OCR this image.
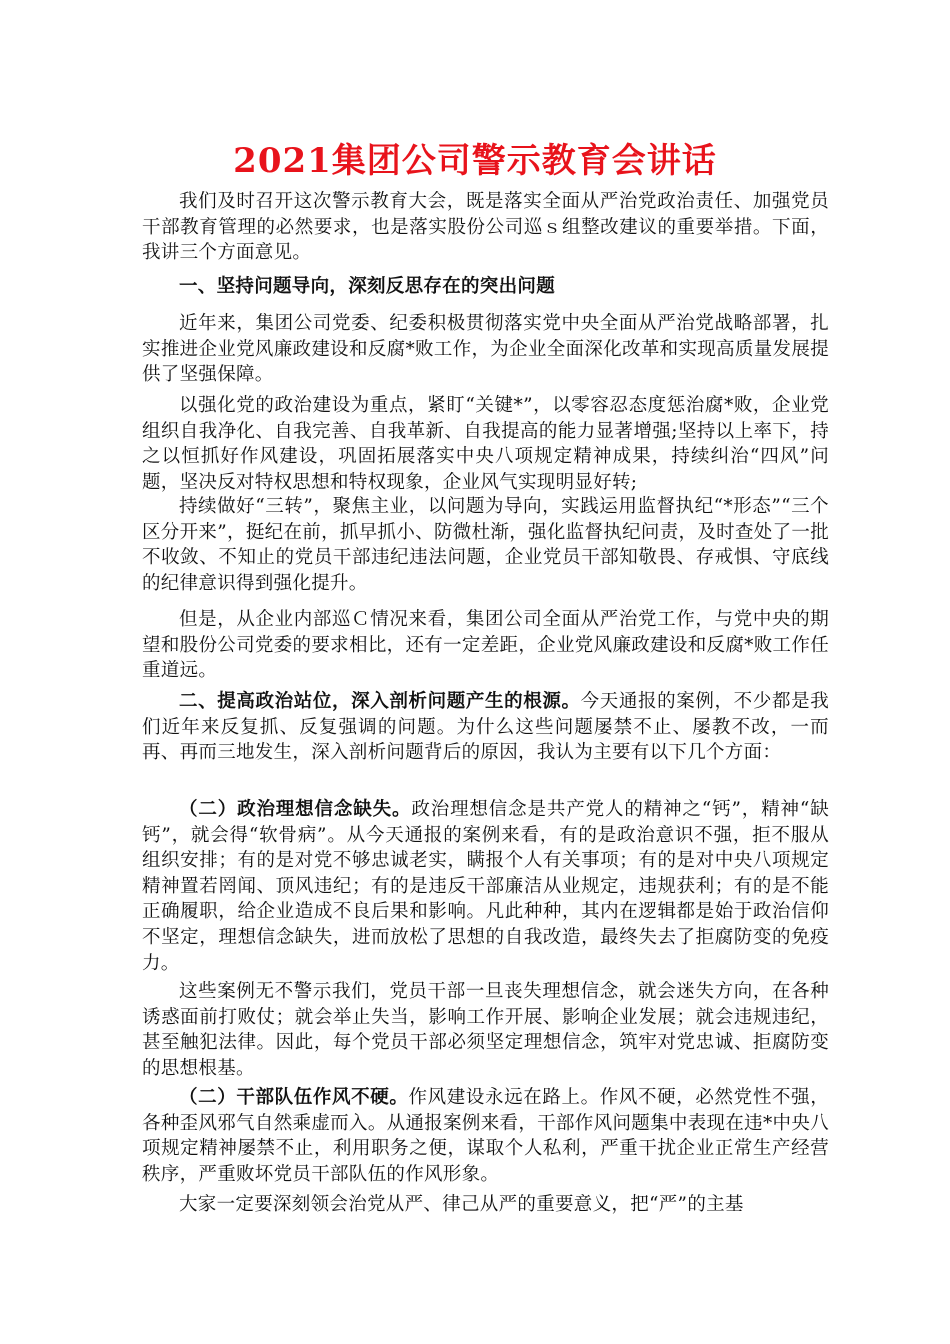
2021集团公司警示教育会讲话

我们及时召开这次警示教育大会，既是落实全面从严治党政治责任、加强党员干部教育管理的必然要求，也是落实股份公司巡ｓ组整改建议的重要举措。下面，我讲三个方面意见。

一、坚持问题导向，深刻反思存在的突出问题

近年来，集团公司党委、纪委积极贯彻落实党中央全面从严治党战略部署，扎实推进企业党风廉政建设和反腐*败工作，为企业全面深化改革和实现高质量发展提供了坚强保障。

以强化党的政治建设为重点，紧盯“关键*”，以零容忍态度惩治腐*败，企业党组织自我净化、自我完善、自我革新、自我提高的能力显著增强;坚持以上率下，持之以恒抓好作风建设，巩固拓展落实中央八项规定精神成果，持续纠治“四风”问题，坚决反对特权思想和特权现象，企业风气实现明显好转;

持续做好“三转”，聚焦主业，以问题为导向，实践运用监督执纪“*形态”“三个区分开来”，挺纪在前，抓早抓小、防微杜渐，强化监督执纪问责，及时查处了一批不收敛、不知止的党员干部违纪违法问题，企业党员干部知敬畏、存戒惧、守底线的纪律意识得到强化提升。

但是，从企业内部巡Ｃ情况来看，集团公司全面从严治党工作，与党中央的期望和股份公司党委的要求相比，还有一定差距，企业党风廉政建设和反腐*败工作任重道远。

二、提高政治站位，深入剖析问题产生的根源。今天通报的案例，不少都是我们近年来反复抓、反复强调的问题。为什么这些问题屡禁不止、屡教不改，一而再、再而三地发生，深入剖析问题背后的原因，我认为主要有以下几个方面：

（二）政治理想信念缺失。政治理想信念是共产党人的精神之“钙”，精神“缺钙”，就会得“软骨病”。从今天通报的案例来看，有的是政治意识不强，拒不服从组织安排；有的是对党不够忠诚老实，瞒报个人有关事项；有的是对中央八项规定精神置若罔闻、顶风违纪；有的是违反干部廉洁从业规定，违规获利；有的是不能正确履职，给企业造成不良后果和影响。凡此种种，其内在逻辑都是始于政治信仰不坚定，理想信念缺失，进而放松了思想的自我改造，最终失去了拒腐防变的免疫力。

这些案例无不警示我们，党员干部一旦丧失理想信念，就会迷失方向，在各种诱惑面前打败仗；就会举止失当，影响工作开展、影响企业发展；就会违规违纪，甚至触犯法律。因此，每个党员干部必须坚定理想信念，筑牢对党忠诚、拒腐防变的思想根基。

（二）干部队伍作风不硬。作风建设永远在路上。作风不硬，必然党性不强，各种歪风邪气自然乘虚而入。从通报案例来看，干部作风问题集中表现在违*中央八项规定精神屡禁不止，利用职务之便，谋取个人私利，严重干扰企业正常生产经营秩序，严重败坏党员干部队伍的作风形象。

大家一定要深刻领会治党从严、律己从严的重要意义，把“严”的主基
